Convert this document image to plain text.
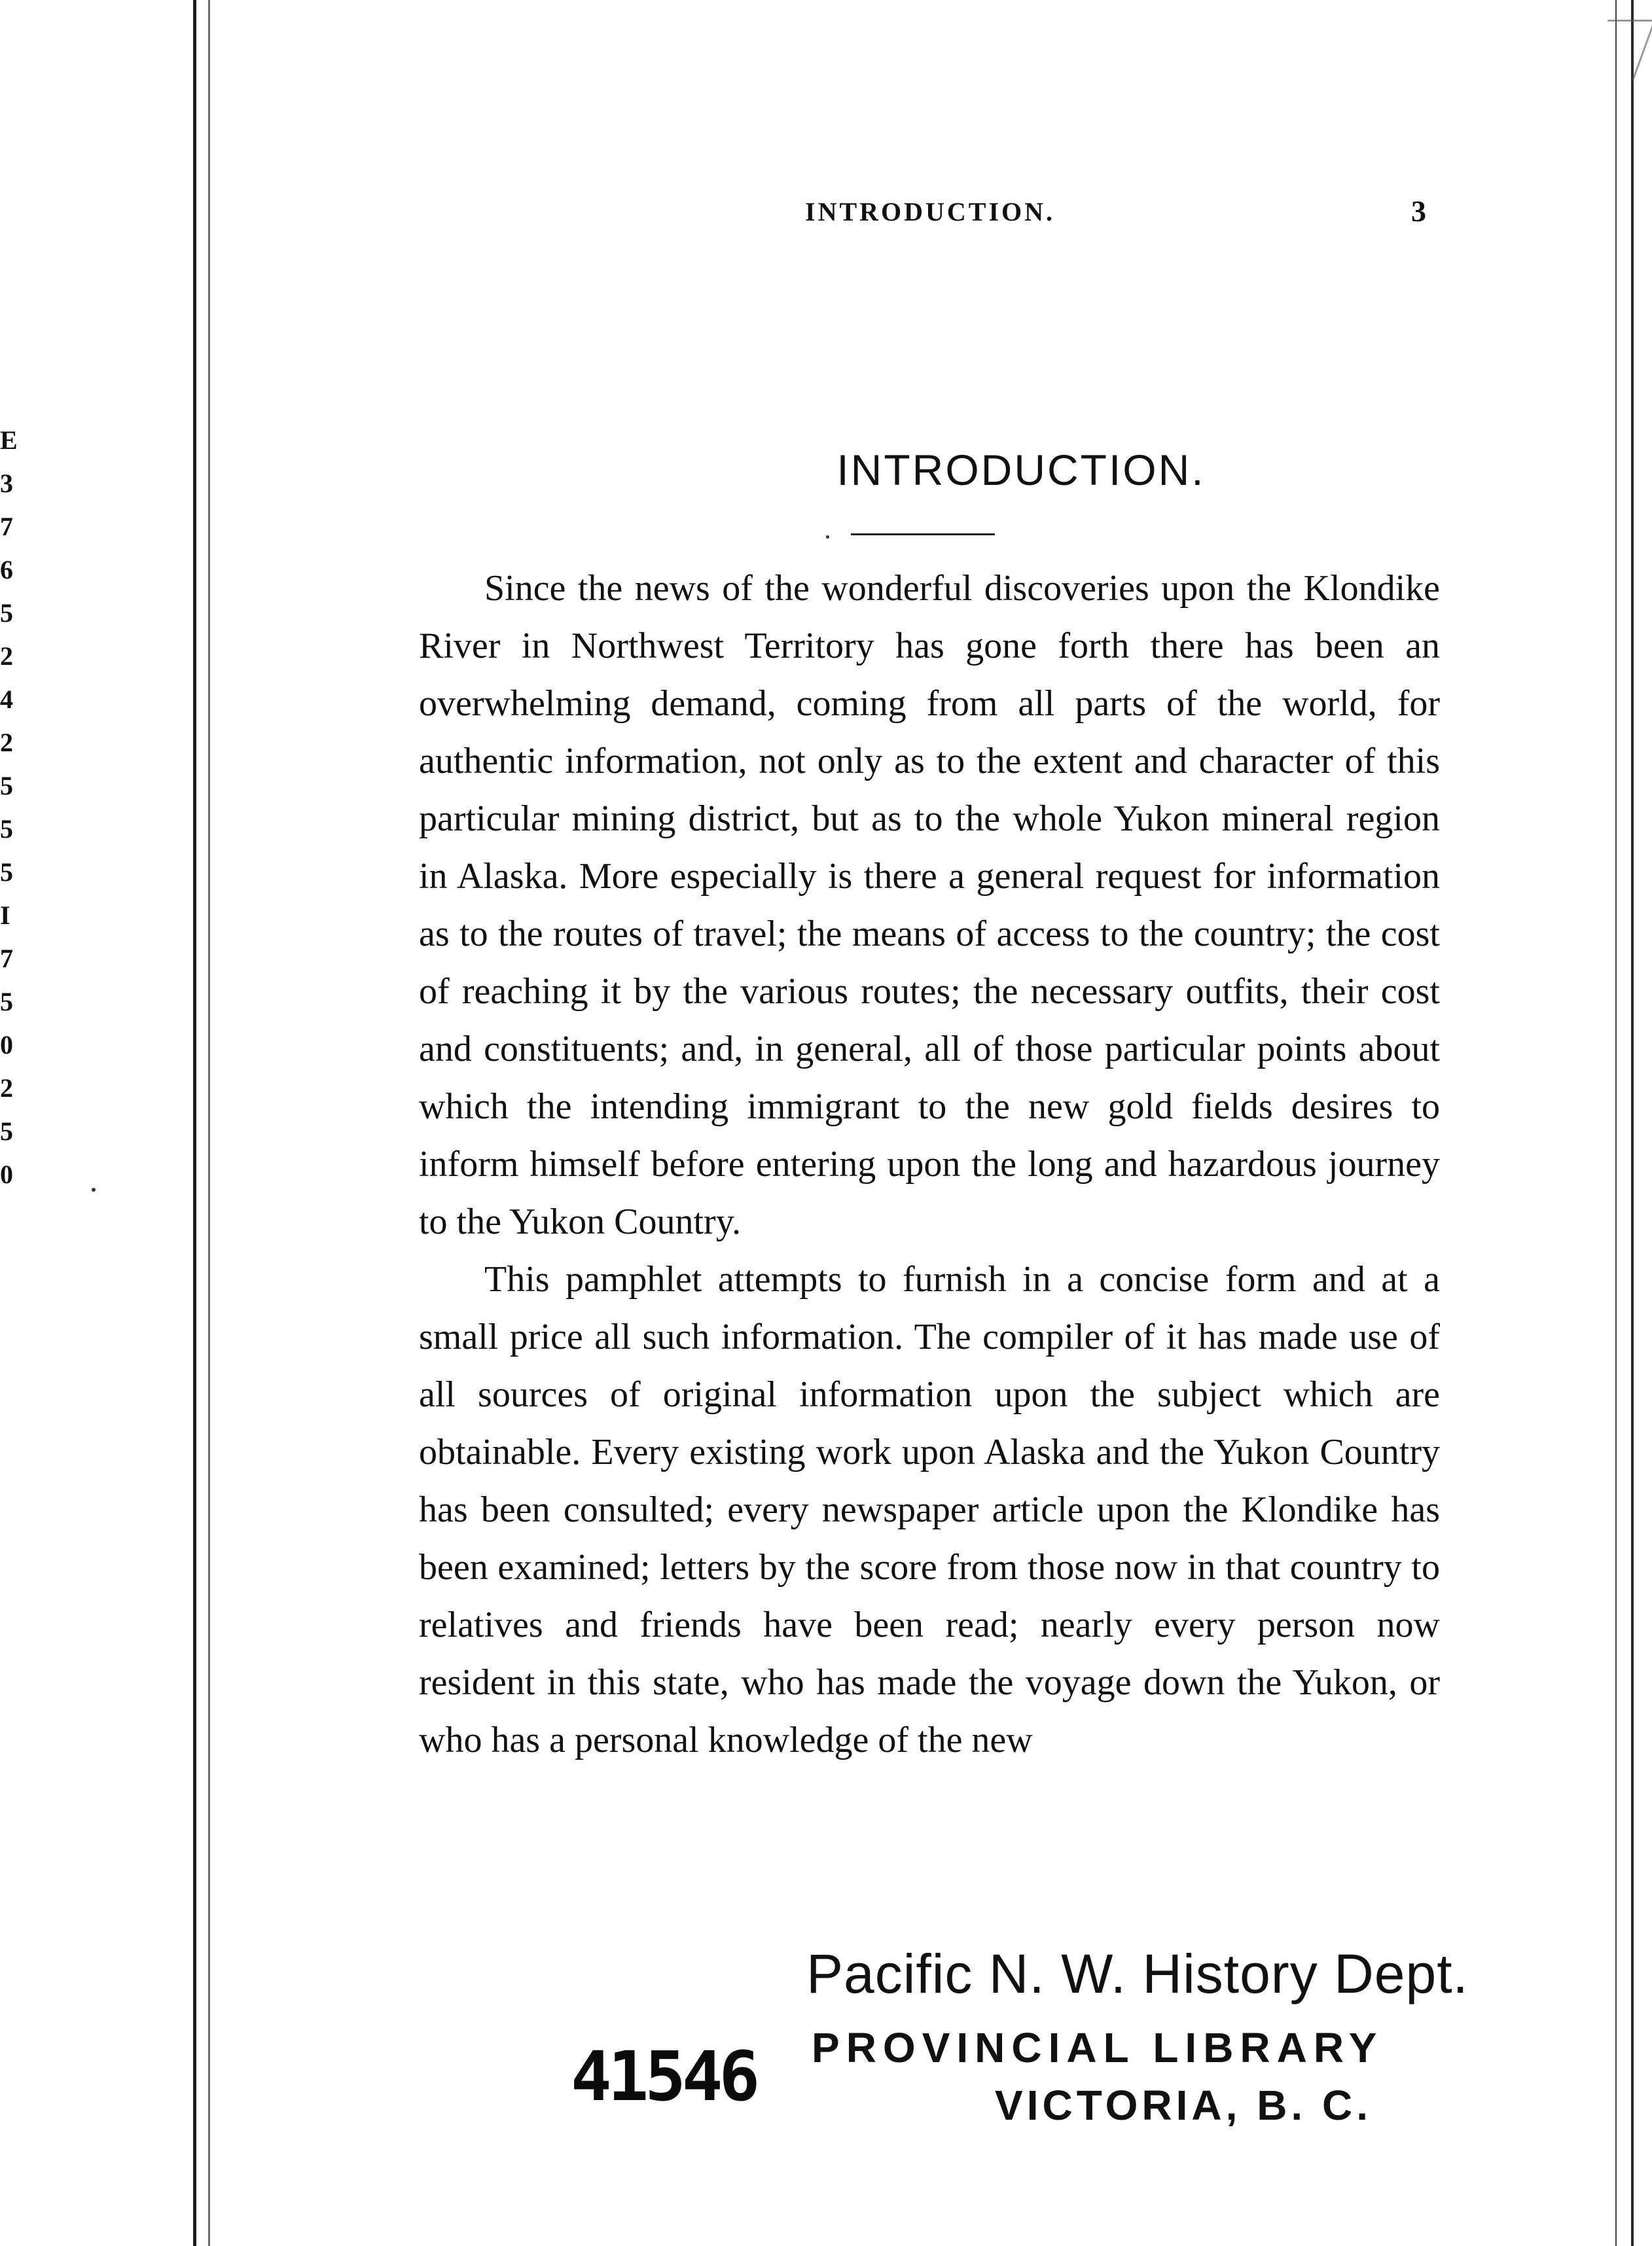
E
3
7
6
5
2
4
2
5
5
5
I
7
5
0
2
5
0
INTRODUCTION.	3
INTRODUCTION.

Since the news of the wonderful discoveries upon the Klondike River in Northwest Territory has gone forth there has been an overwhelming demand, coming from all parts of the world, for authentic information, not only as to the extent and character of this particular mining district, but as to the whole Yukon mineral region in Alaska. More especially is there a general request for information as to the routes of travel; the means of access to the country; the cost of reaching it by the various routes; the necessary outfits, their cost and constituents; and, in general, all of those particular points about which the intending immigrant to the new gold fields desires to inform himself before entering upon the long and hazardous journey to the Yukon Country.

This pamphlet attempts to furnish in a concise form and at a small price all such information. The compiler of it has made use of all sources of original information upon the subject which are obtainable. Every existing work upon Alaska and the Yukon Country has been consulted; every newspaper article upon the Klondike has been examined; letters by the score from those now in that country to relatives and friends have been read; nearly every person now resident in this state, who has made the voyage down the Yukon, or who has a personal knowledge of the new

Pacific N. W. History Dept.
PROVINCIAL LIBRARY
VICTORIA, B. C.
41546
